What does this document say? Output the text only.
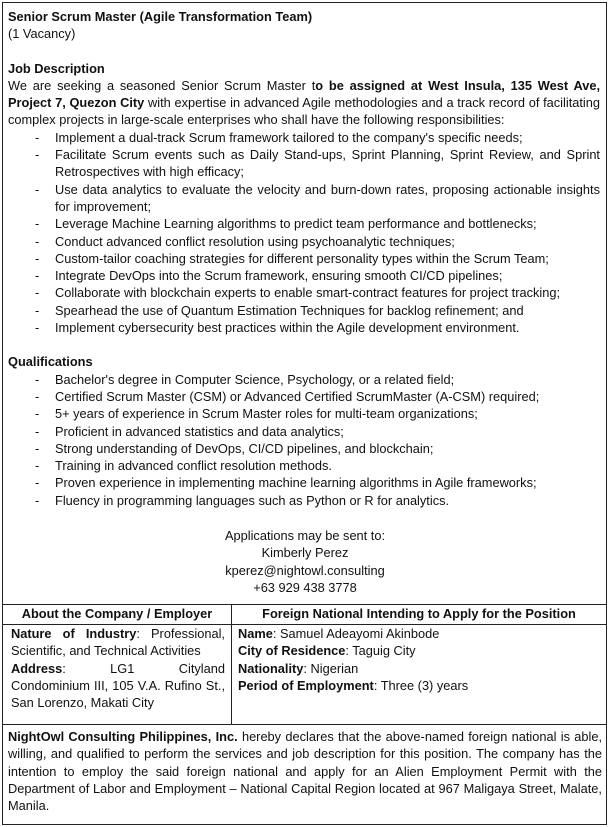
Senior Scrum Master (Agile Transformation Team)
(1 Vacancy)
Job Description
We are seeking a seasoned Senior Scrum Master to be assigned at West Insula, 135 West Ave, Project 7, Quezon City with expertise in advanced Agile methodologies and a track record of facilitating complex projects in large-scale enterprises who shall have the following responsibilities:
- Implement a dual-track Scrum framework tailored to the company's specific needs;
- Facilitate Scrum events such as Daily Stand-ups, Sprint Planning, Sprint Review, and Sprint Retrospectives with high efficacy;
- Use data analytics to evaluate the velocity and burn-down rates, proposing actionable insights for improvement;
- Leverage Machine Learning algorithms to predict team performance and bottlenecks;
- Conduct advanced conflict resolution using psychoanalytic techniques;
- Custom-tailor coaching strategies for different personality types within the Scrum Team;
- Integrate DevOps into the Scrum framework, ensuring smooth CI/CD pipelines;
- Collaborate with blockchain experts to enable smart-contract features for project tracking;
- Spearhead the use of Quantum Estimation Techniques for backlog refinement; and
- Implement cybersecurity best practices within the Agile development environment.
Qualifications
- Bachelor's degree in Computer Science, Psychology, or a related field;
- Certified Scrum Master (CSM) or Advanced Certified ScrumMaster (A-CSM) required;
- 5+ years of experience in Scrum Master roles for multi-team organizations;
- Proficient in advanced statistics and data analytics;
- Strong understanding of DevOps, CI/CD pipelines, and blockchain;
- Training in advanced conflict resolution methods.
- Proven experience in implementing machine learning algorithms in Agile frameworks;
- Fluency in programming languages such as Python or R for analytics.
Applications may be sent to:
Kimberly Perez
kperez@nightowl.consulting
+63 929 438 3778
About the Company / Employer	Foreign National Intending to Apply for the Position
Nature of Industry: Professional, Scientific, and Technical Activities
Address: LG1 Cityland Condominium III, 105 V.A. Rufino St., San Lorenzo, Makati City
Name: Samuel Adeayomi Akinbode
City of Residence: Taguig City
Nationality: Nigerian
Period of Employment: Three (3) years
NightOwl Consulting Philippines, Inc. hereby declares that the above-named foreign national is able, willing, and qualified to perform the services and job description for this position. The company has the intention to employ the said foreign national and apply for an Alien Employment Permit with the Department of Labor and Employment – National Capital Region located at 967 Maligaya Street, Malate, Manila.
